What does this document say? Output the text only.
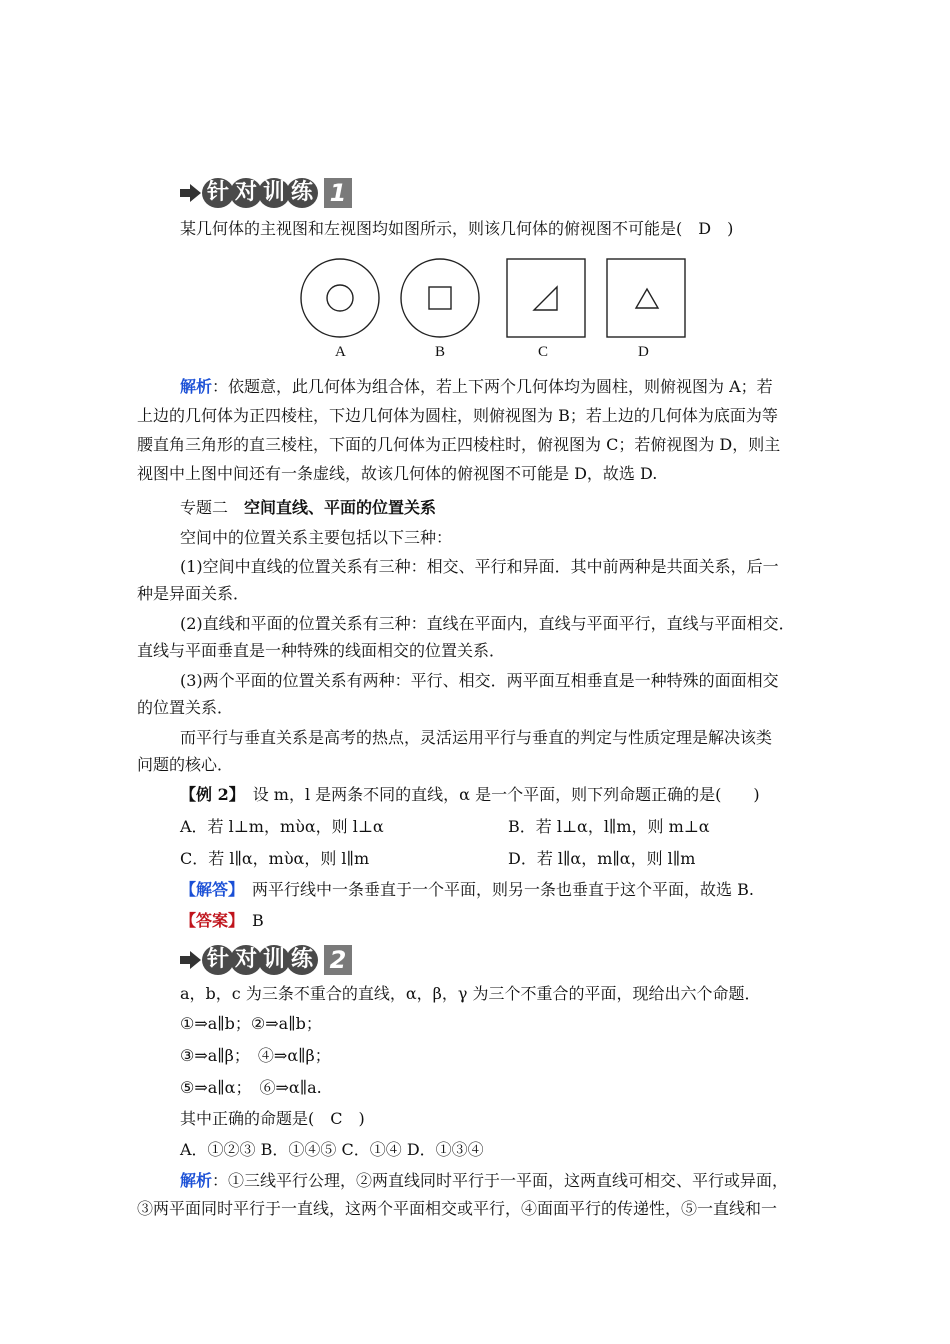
针 对 训 练 1
某几何体的主视图和左视图均如图所示，则该几何体的俯视图不可能是(　D　)
A	B	C	D
解析：依题意，此几何体为组合体，若上下两个几何体均为圆柱，则俯视图为 A；若
上边的几何体为正四棱柱，下边几何体为圆柱，则俯视图为 B；若上边的几何体为底面为等
腰直角三角形的直三棱柱，下面的几何体为正四棱柱时，俯视图为 C；若俯视图为 D，则主
视图中上图中间还有一条虚线，故该几何体的俯视图不可能是 D，故选 D.
专题二　空间直线、平面的位置关系
空间中的位置关系主要包括以下三种：
(1)空间中直线的位置关系有三种：相交、平行和异面．其中前两种是共面关系，后一
种是异面关系．
(2)直线和平面的位置关系有三种：直线在平面内，直线与平面平行，直线与平面相交．
直线与平面垂直是一种特殊的线面相交的位置关系．
(3)两个平面的位置关系有两种：平行、相交．两平面互相垂直是一种特殊的面面相交
的位置关系．
而平行与垂直关系是高考的热点，灵活运用平行与垂直的判定与性质定理是解决该类
问题的核心．
【例 2】　设 m，l 是两条不同的直线，α 是一个平面，则下列命题正确的是(　　)
A．若 l⊥m，mὺα，则 l⊥α	B．若 l⊥α，l∥m，则 m⊥α
C．若 l∥α，mὺα，则 l∥m	D．若 l∥α，m∥α，则 l∥m
【解答】　两平行线中一条垂直于一个平面，则另一条也垂直于这个平面，故选 B.
【答案】　B
针 对 训 练 2
a，b，c 为三条不重合的直线，α，β，γ 为三个不重合的平面，现给出六个命题．
①⇒a∥b；②⇒a∥b；
③⇒a∥β；　④⇒α∥β；
⑤⇒a∥α；　⑥⇒α∥a.
其中正确的命题是(　C　)
A．①②③ B．①④⑤ C．①④ D．①③④
解析：①三线平行公理，②两直线同时平行于一平面，这两直线可相交、平行或异面，
③两平面同时平行于一直线，这两个平面相交或平行，④面面平行的传递性，⑤一直线和一
